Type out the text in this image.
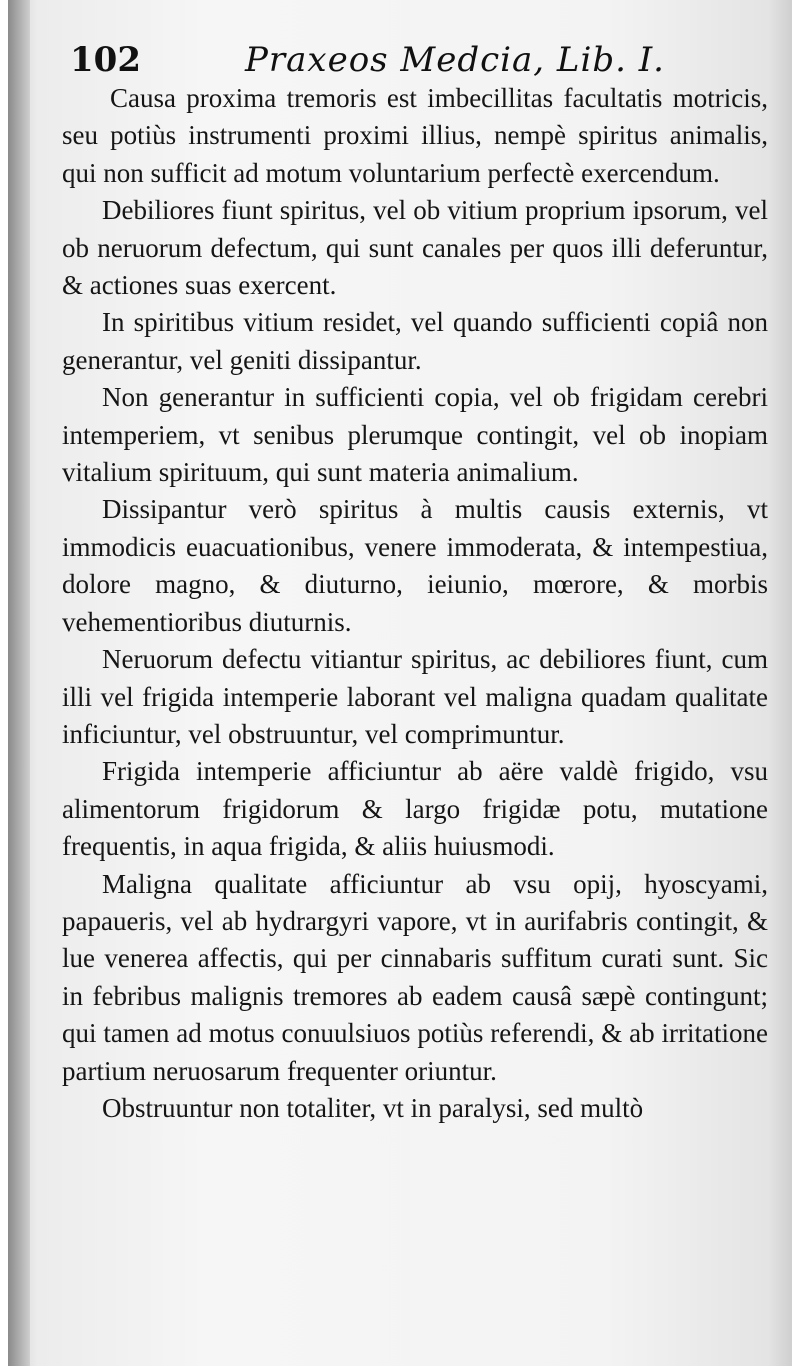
102	Praxeos Medcia, Lib. I.

Causa proxima tremoris est imbecillitas facultatis motricis, seu potiùs instrumenti proximi illius, nempè spiritus animalis, qui non sufficit ad motum voluntarium perfectè exercendum.

Debiliores fiunt spiritus, vel ob vitium proprium ipsorum, vel ob neruorum defectum, qui sunt canales per quos illi deferuntur, & actiones suas exercent.

In spiritibus vitium residet, vel quando sufficienti copiâ non generantur, vel geniti dissipantur.

Non generantur in sufficienti copia, vel ob frigidam cerebri intemperiem, vt senibus plerumque contingit, vel ob inopiam vitalium spirituum, qui sunt materia animalium.

Dissipantur verò spiritus à multis causis externis, vt immodicis euacuationibus, venere immoderata, & intempestiua, dolore magno, & diuturno, ieiunio, mœrore, & morbis vehementioribus diuturnis.

Neruorum defectu vitiantur spiritus, ac debiliores fiunt, cum illi vel frigida intemperie laborant vel maligna quadam qualitate inficiuntur, vel obstruuntur, vel comprimuntur.

Frigida intemperie afficiuntur ab aëre valdè frigido, vsu alimentorum frigidorum & largo frigidæ potu, mutatione frequentis, in aqua frigida, & aliis huiusmodi.

Maligna qualitate afficiuntur ab vsu opij, hyoscyami, papaueris, vel ab hydrargyri vapore, vt in aurifabris contingit, & lue venerea affectis, qui per cinnabaris suffitum curati sunt. Sic in febribus malignis tremores ab eadem causâ sæpè contingunt; qui tamen ad motus conuulsiuos potiùs referendi, & ab irritatione partium neruosarum frequenter oriuntur.

Obstruuntur non totaliter, vt in paralysi, sed multò
